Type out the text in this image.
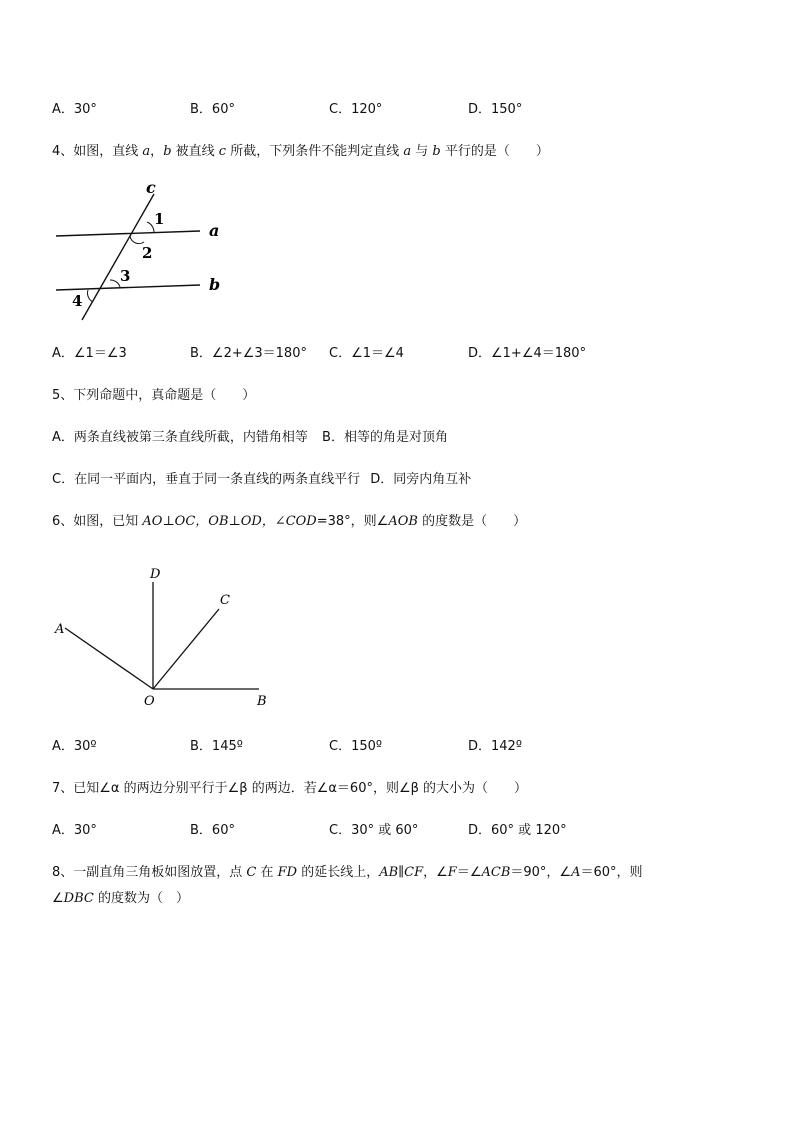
A．30°	B．60°	C．120°	D．150°
4、如图，直线 a，b 被直线 c 所截，下列条件不能判定直线 a 与 b 平行的是（　　）
c
a
b
1
2
3
4
A．∠1＝∠3	B．∠2+∠3＝180° C．∠1＝∠4	D．∠1+∠4＝180°
5、下列命题中，真命题是（　　）
A．两条直线被第三条直线所截，内错角相等 B．相等的角是对顶角
C．在同一平面内，垂直于同一条直线的两条直线平行 D．同旁内角互补
6、如图，已知 AO⊥OC，OB⊥OD，∠COD=38°，则∠AOB 的度数是（　　）
D
C
A
O	B
A．30º	B．145º	C．150º	D．142º
7、已知∠α 的两边分别平行于∠β 的两边．若∠α＝60°，则∠β 的大小为（　　）
A．30°	B．60°	C．30° 或 60°	D．60° 或 120°
8、一副直角三角板如图放置，点 C 在 FD 的延长线上，AB∥CF，∠F＝∠ACB＝90°，∠A＝60°，则
∠DBC 的度数为（　）
